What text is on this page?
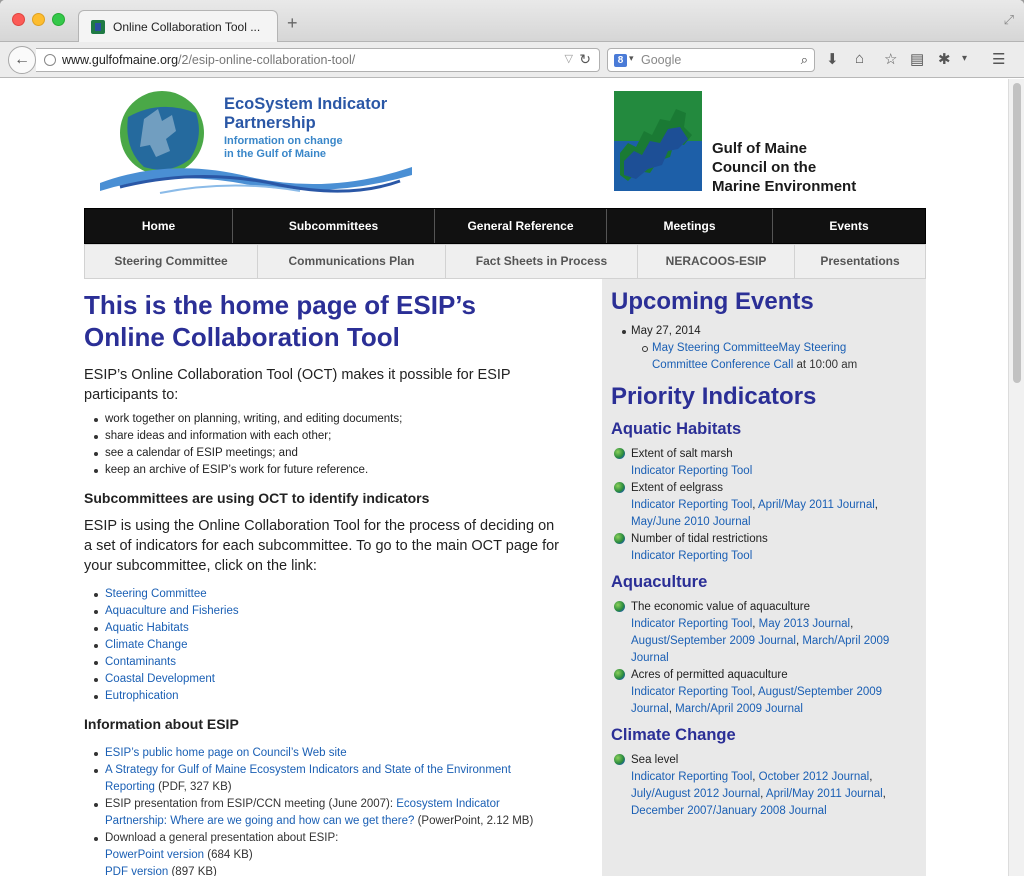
Online Collaboration Tool ... +	⤢
←	www.gulfofmaine.org/2/esip-online-collaboration-tool/	▽ ↻	8 ▾ Google	⌕ ⬇ ⌂ ☆ ▤ ✱ ▾ ☰
EcoSystem Indicator
Partnership
Information on change
in the Gulf of Maine	Gulf of Maine
Council on the
Marine Environment
Home	Subcommittees	General Reference	Meetings	Events
Steering Committee	Communications Plan	Fact Sheets in Process	NERACOOS-ESIP	Presentations
This is the home page of ESIP’s Online Collaboration Tool

ESIP’s Online Collaboration Tool (OCT) makes it possible for ESIP participants to:

work together on planning, writing, and editing documents;
share ideas and information with each other;
see a calendar of ESIP meetings; and
keep an archive of ESIP’s work for future reference.
Subcommittees are using OCT to identify indicators

ESIP is using the Online Collaboration Tool for the process of deciding on a set of indicators for each subcommittee. To go to the main OCT page for your subcommittee, click on the link:

Steering Committee
Aquaculture and Fisheries
Aquatic Habitats
Climate Change
Contaminants
Coastal Development
Eutrophication
Information about ESIP
ESIP’s public home page on Council’s Web site
A Strategy for Gulf of Maine Ecosystem Indicators and State of the Environment Reporting (PDF, 327 KB)
ESIP presentation from ESIP/CCN meeting (June 2007): Ecosystem Indicator Partnership: Where are we going and how can we get there? (PowerPoint, 2.12 MB)
Download a general presentation about ESIP:
PowerPoint version (684 KB)
PDF version (897 KB)
Upcoming Events
May 27, 2014
May Steering CommitteeMay Steering Committee Conference Call at 10:00 am
Priority Indicators
Aquatic Habitats
Extent of salt marsh
Indicator Reporting Tool
Extent of eelgrass
Indicator Reporting Tool, April/May 2011 Journal, May/June 2010 Journal
Number of tidal restrictions
Indicator Reporting Tool
Aquaculture
The economic value of aquaculture
Indicator Reporting Tool, May 2013 Journal, August/September 2009 Journal, March/April 2009 Journal
Acres of permitted aquaculture
Indicator Reporting Tool, August/September 2009 Journal, March/April 2009 Journal
Climate Change
Sea level
Indicator Reporting Tool, October 2012 Journal, July/August 2012 Journal, April/May 2011 Journal, December 2007/January 2008 Journal
